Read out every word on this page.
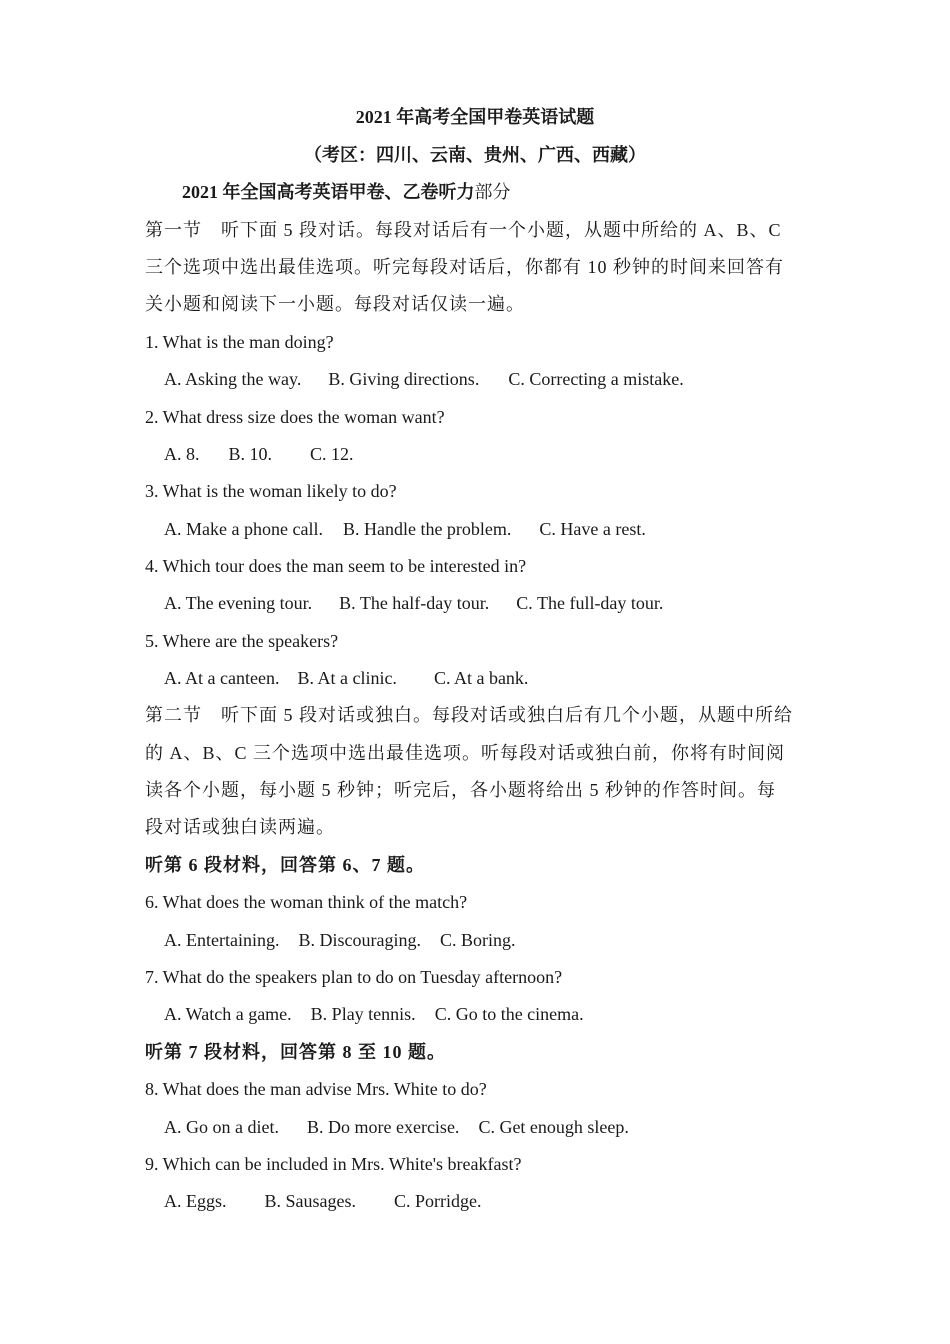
2021 年高考全国甲卷英语试题
（考区：四川、云南、贵州、广西、西藏）
2021 年全国高考英语甲卷、乙卷听力部分
第一节　听下面 5 段对话。每段对话后有一个小题，从题中所给的 A、B、C
三个选项中选出最佳选项。听完每段对话后，你都有 10 秒钟的时间来回答有
关小题和阅读下一小题。每段对话仅读一遍。
1. What is the man doing?
A. Asking the way. B. Giving directions. C. Correcting a mistake.
2. What dress size does the woman want?
A. 8. B. 10. C. 12.
3. What is the woman likely to do?
A. Make a phone call. B. Handle the problem. C. Have a rest.
4. Which tour does the man seem to be interested in?
A. The evening tour. B. The half-day tour. C. The full-day tour.
5. Where are the speakers?
A. At a canteen. B. At a clinic. C. At a bank.
第二节　听下面 5 段对话或独白。每段对话或独白后有几个小题，从题中所给
的 A、B、C 三个选项中选出最佳选项。听每段对话或独白前，你将有时间阅
读各个小题，每小题 5 秒钟；听完后，各小题将给出 5 秒钟的作答时间。每
段对话或独白读两遍。
听第 6 段材料，回答第 6、7 题。
6. What does the woman think of the match?
A. Entertaining. B. Discouraging. C. Boring.
7. What do the speakers plan to do on Tuesday afternoon?
A. Watch a game. B. Play tennis. C. Go to the cinema.
听第 7 段材料，回答第 8 至 10 题。
8. What does the man advise Mrs. White to do?
A. Go on a diet. B. Do more exercise. C. Get enough sleep.
9. Which can be included in Mrs. White's breakfast?
A. Eggs. B. Sausages. C. Porridge.
